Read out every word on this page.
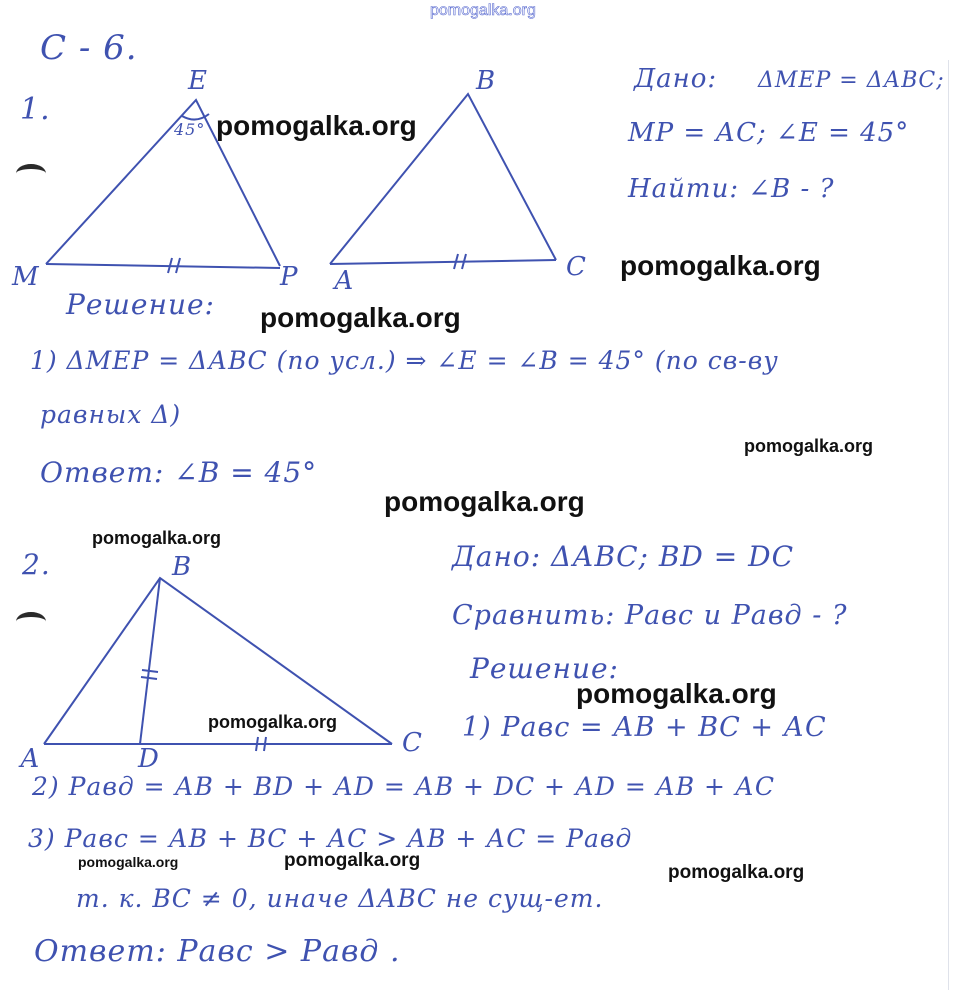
pomogalka.org
С - 6.
1.
Е
45°
М	Р
В
А	С
Дано: ΔМЕР = ΔАВС;
МР = АС; ∠Е = 45°
Найти: ∠В - ?
Решение:
1) ΔМЕР = ΔАВС (по усл.) ⇒ ∠Е = ∠В = 45° (по св-ву
равных Δ)
Ответ: ∠В = 45°
2.	В
А
С
D
Дано: ΔАВС; ВD = DС
Сравнить: Pавс и Pавд - ?
Решение:
1) Pавс = АВ + ВС + АС
2) Pавд = АВ + ВD + АD = АВ + DС + АD = АВ + АС
3) Pавс = АВ + ВС + АС > АВ + АС = Pавд
т. к. ВС ≠ 0, иначе ΔАВС не сущ-ет.
Ответ: Pавс > Pавд .
pomogalka.org
pomogalka.org
pomogalka.org
pomogalka.org
pomogalka.org
pomogalka.org
pomogalka.org
pomogalka.org
pomogalka.org	pomogalka.org
pomogalka.org
